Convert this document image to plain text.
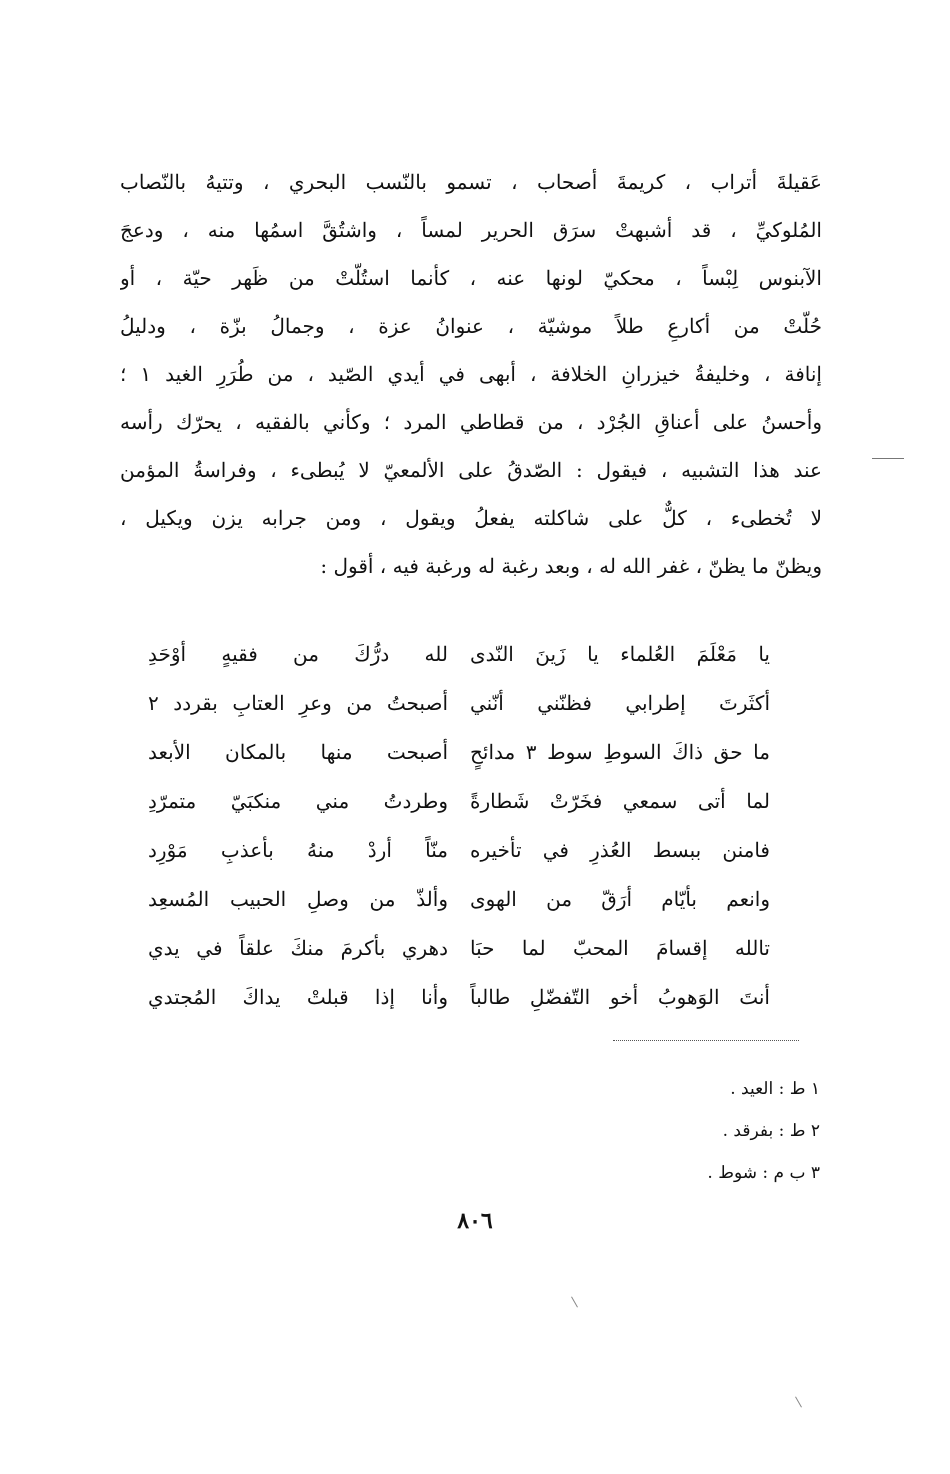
عَقيلةَ أتراب ، كريمةَ أصحاب ، تسمو بالنّسب البحري ، وتتيهُ بالنّصاب
المُلوكيِّ ، قد أشبهتْ سرَق الحرير لمساً ، واشتُقَّ اسمُها منه ، ودعجَ
الآبنوس لِبْساً ، محكيّ لونها عنه ، كأنما استُلّتْ من ظَهر حيّة ، أو
حُلّتْ من أكارعِ طلاً موشيّة ، عنوانُ عزة ، وجمالُ بزّة ، ودليلُ
إنافة ، وخليفةُ خيزرانِ الخلافة ، أبهى في أيدي الصّيد ، من طُرَرِ الغيد ١ ؛
وأحسنُ على أعناقِ الجُرْد ، من قطاطي المرد ؛ وكأني بالفقيه ، يحرّك رأسه
عند هذا التشبيه ، فيقول : الصّدقُ على الألمعيّ لا يُبطىء ، وفراسةُ المؤمن
لا تُخطىء ، كلٌّ على شاكلته يفعلُ ويقول ، ومن جرابه يزن ويكيل ،
ويظنّ ما يظنّ ، غفر الله له ، وبعد رغبة له ورغبة فيه ، أقول :
يا مَعْلَمَ العُلماء يا زَينَ النّدى
لله درُّكَ من فقيهٍ أوْحَدِ
أكثَرتَ إطرابي فظنّني أنّني
أصبحتُ من وعرِ العتابِ بقردد ٢
ما حق ذاكَ السوطِ سوط ٣ مدائحٍ
أصبحت منها بالمكان الأبعد
لما أتى سمعي فخَرّتْ شَطارةً
وطردتُ مني منكبَيّ متمرّدِ
فامنن ببسط العُذرِ في تأخيره
منّاً أردْ منهُ بأعذبِ مَوْرِد
وانعم بأيّام أرَقّ من الهوى
وألذّ من وصلِ الحبيب المُسعِد
تالله إقسامَ المحبّ لما حبَا
دهري بأكرمَ منكَ علقاً في يدي
أنتَ الوَهوبُ أخو التّفضّلِ طالباً
وأنا إذا قبلتْ يداكَ المُجتدي
١ ط : العيد .
٢ ط : بفرقد .
٣ ب م : شوط .
٨٠٦
